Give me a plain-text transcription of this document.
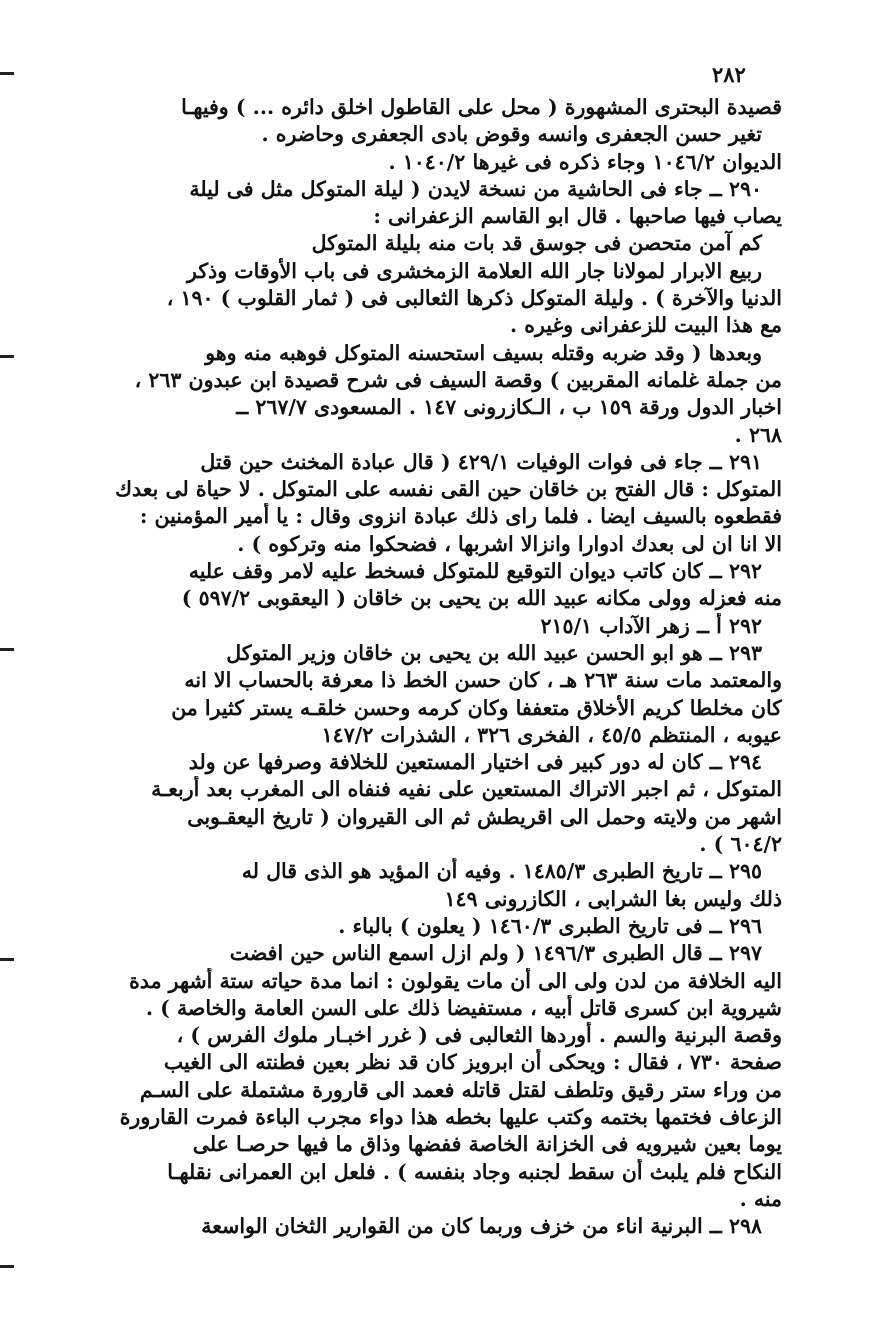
٢٨٢
قصيدة البحترى المشهورة ( محل على القاطول اخلق دائره ... ) وفيهـا
تغير حسن الجعفرى وانسه وقوض بادى الجعفرى وحاضره .
الديوان ١٠٤٦/٢ وجاء ذكره فى غيرها ١٠٤٠/٢ .
٢٩٠ ــ جاء فى الحاشية من نسخة لايدن ( ليلة المتوكل مثل فى ليلة
يصاب فيها صاحبها . قال ابو القاسم الزعفرانى :
كم آمن متحصن فى جوسق قد بات منه بليلة المتوكل
ربيع الابرار لمولانا جار الله العلامة الزمخشرى فى باب الأوقات وذكر
الدنيا والآخرة ) . وليلة المتوكل ذكرها الثعالبى فى ( ثمار القلوب ) ١٩٠ ،
مع هذا البيت للزعفرانى وغيره .
وبعدها ( وقد ضربه وقتله بسيف استحسنه المتوكل فوهبه منه وهو
من جملة غلمانه المقربين ) وقصة السيف فى شرح قصيدة ابن عبدون ٢٦٣ ،
اخبار الدول ورقة ١٥٩ ب ، الـكازرونى ١٤٧ . المسعودى ٢٦٧/٧ ــ
٢٦٨ .
٢٩١ ــ جاء فى فوات الوفيات ٤٢٩/١ ( قال عبادة المخنث حين قتل
المتوكل : قال الفتح بن خاقان حين القى نفسه على المتوكل . لا حياة لى بعدك
فقطعوه بالسيف ايضا . فلما راى ذلك عبادة انزوى وقال : يا أمير المؤمنين :
الا انا ان لى بعدك ادوارا وانزالا اشربها ، فضحكوا منه وتركوه ) .
٢٩٢ ــ كان كاتب ديوان التوقيع للمتوكل فسخط عليه لامر وقف عليه
منه فعزله وولى مكانه عبيد الله بن يحيى بن خاقان ( اليعقوبى ٥٩٧/٢ )
٢٩٢ أ ــ زهر الآداب ٢١٥/١
٢٩٣ ــ هو ابو الحسن عبيد الله بن يحيى بن خاقان وزير المتوكل
والمعتمد مات سنة ٢٦٣ هـ ، كان حسن الخط ذا معرفة بالحساب الا انه
كان مخلطا كريم الأخلاق متعففا وكان كرمه وحسن خلقـه يستر كثيرا من
عيوبه ، المنتظم ٤٥/٥ ، الفخرى ٣٢٦ ، الشذرات ١٤٧/٢
٢٩٤ ــ كان له دور كبير فى اختيار المستعين للخلافة وصرفها عن ولد
المتوكل ، ثم اجبر الاتراك المستعين على نفيه فنفاه الى المغرب بعد أربعـة
اشهر من ولايته وحمل الى اقريطش ثم الى القيروان ( تاريخ اليعقـوبى
٦٠٤/٢ ) .
٢٩٥ ــ تاريخ الطبرى ١٤٨٥/٣ . وفيه أن المؤيد هو الذى قال له
ذلك وليس بغا الشرابى ، الكازرونى ١٤٩
٢٩٦ ــ فى تاريخ الطبرى ١٤٦٠/٣ ( يعلون ) بالباء .
٢٩٧ ــ قال الطبرى ١٤٩٦/٣ ( ولم ازل اسمع الناس حين افضت
اليه الخلافة من لدن ولى الى أن مات يقولون : انما مدة حياته ستة أشهر مدة
شيروية ابن كسرى قاتل أبيه ، مستفيضا ذلك على السن العامة والخاصة ) .
وقصة البرنية والسم . أوردها الثعالبى فى ( غرر اخبـار ملوك الفرس ) ،
صفحة ٧٣٠ ، فقال : ويحكى أن ابرويز كان قد نظر بعين فطنته الى الغيب
من وراء ستر رقيق وتلطف لقتل قاتله فعمد الى قارورة مشتملة على السـم
الزعاف فختمها بختمه وكتب عليها بخطه هذا دواء مجرب الباءة فمرت القارورة
يوما بعين شيرويه فى الخزانة الخاصة ففضها وذاق ما فيها حرصـا على
النكاح فلم يلبث أن سقط لجنبه وجاد بنفسه ) . فلعل ابن العمرانى نقلهـا
منه .
٢٩٨ ــ البرنية اناء من خزف وربما كان من القوارير الثخان الواسعة
